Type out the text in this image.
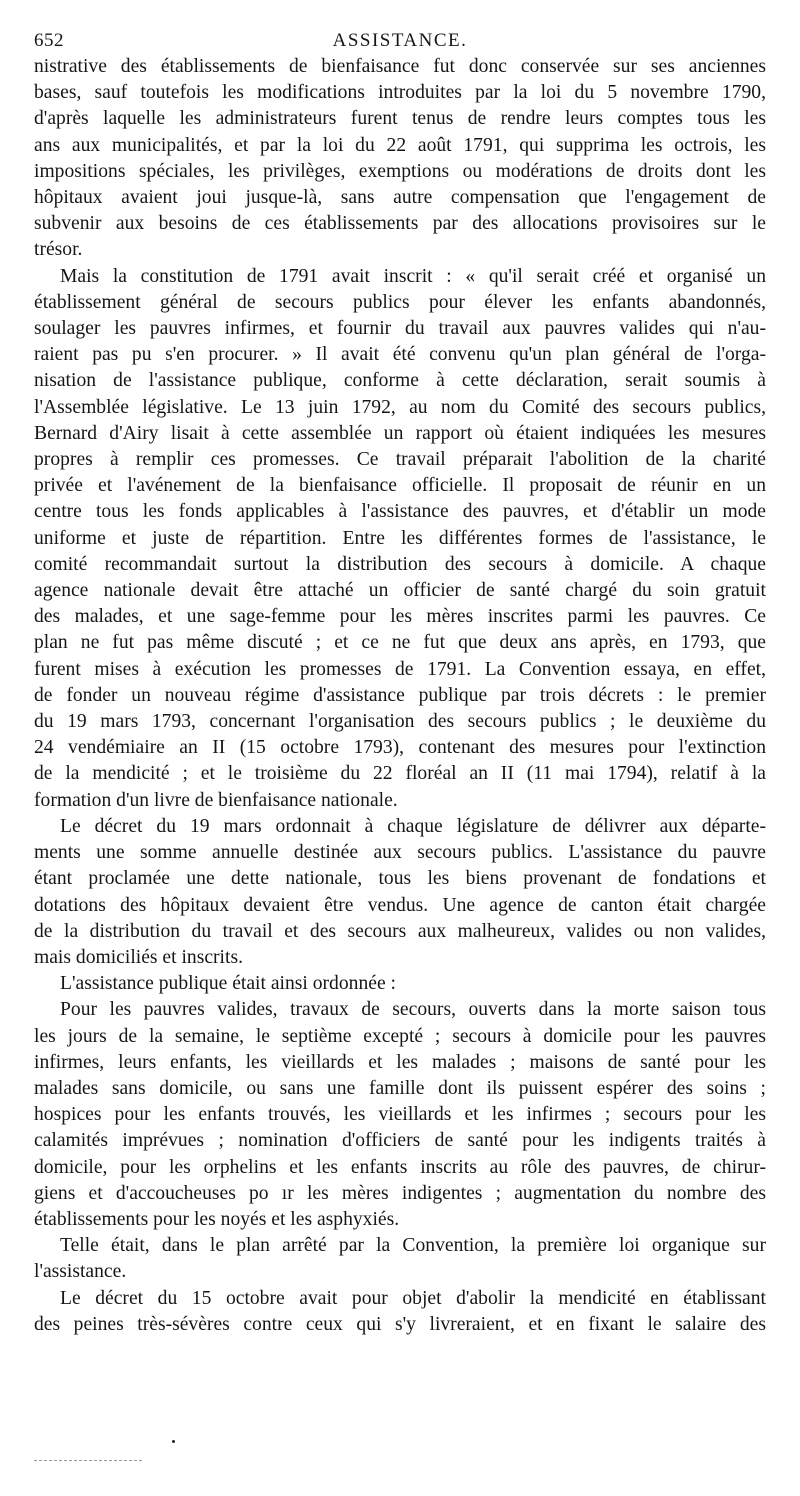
652	ASSISTANCE.
nistrative des établissements de bienfaisance fut donc conservée sur ses anciennes
bases, sauf toutefois les modifications introduites par la loi du 5 novembre 1790,
d'après laquelle les administrateurs furent tenus de rendre leurs comptes tous les
ans aux municipalités, et par la loi du 22 août 1791, qui supprima les octrois, les
impositions spéciales, les privilèges, exemptions ou modérations de droits dont les
hôpitaux avaient joui jusque-là, sans autre compensation que l'engagement de
subvenir aux besoins de ces établissements par des allocations provisoires sur le
trésor.
Mais la constitution de 1791 avait inscrit : « qu'il serait créé et organisé un
établissement général de secours publics pour élever les enfants abandonnés,
soulager les pauvres infirmes, et fournir du travail aux pauvres valides qui n'au-
raient pas pu s'en procurer. » Il avait été convenu qu'un plan général de l'orga-
nisation de l'assistance publique, conforme à cette déclaration, serait soumis à
l'Assemblée législative. Le 13 juin 1792, au nom du Comité des secours publics,
Bernard d'Airy lisait à cette assemblée un rapport où étaient indiquées les mesures
propres à remplir ces promesses. Ce travail préparait l'abolition de la charité
privée et l'avénement de la bienfaisance officielle. Il proposait de réunir en un
centre tous les fonds applicables à l'assistance des pauvres, et d'établir un mode
uniforme et juste de répartition. Entre les différentes formes de l'assistance, le
comité recommandait surtout la distribution des secours à domicile. A chaque
agence nationale devait être attaché un officier de santé chargé du soin gratuit
des malades, et une sage-femme pour les mères inscrites parmi les pauvres. Ce
plan ne fut pas même discuté ; et ce ne fut que deux ans après, en 1793, que
furent mises à exécution les promesses de 1791. La Convention essaya, en effet,
de fonder un nouveau régime d'assistance publique par trois décrets : le premier
du 19 mars 1793, concernant l'organisation des secours publics ; le deuxième du
24 vendémiaire an II (15 octobre 1793), contenant des mesures pour l'extinction
de la mendicité ; et le troisième du 22 floréal an II (11 mai 1794), relatif à la
formation d'un livre de bienfaisance nationale.
Le décret du 19 mars ordonnait à chaque législature de délivrer aux départe-
ments une somme annuelle destinée aux secours publics. L'assistance du pauvre
étant proclamée une dette nationale, tous les biens provenant de fondations et
dotations des hôpitaux devaient être vendus. Une agence de canton était chargée
de la distribution du travail et des secours aux malheureux, valides ou non valides,
mais domiciliés et inscrits.
L'assistance publique était ainsi ordonnée :
Pour les pauvres valides, travaux de secours, ouverts dans la morte saison tous
les jours de la semaine, le septième excepté ; secours à domicile pour les pauvres
infirmes, leurs enfants, les vieillards et les malades ; maisons de santé pour les
malades sans domicile, ou sans une famille dont ils puissent espérer des soins ;
hospices pour les enfants trouvés, les vieillards et les infirmes ; secours pour les
calamités imprévues ; nomination d'officiers de santé pour les indigents traités à
domicile, pour les orphelins et les enfants inscrits au rôle des pauvres, de chirur-
giens et d'accoucheuses po ır les mères indigentes ; augmentation du nombre des
établissements pour les noyés et les asphyxiés.
Telle était, dans le plan arrêté par la Convention, la première loi organique sur
l'assistance.
Le décret du 15 octobre avait pour objet d'abolir la mendicité en établissant
des peines très-sévères contre ceux qui s'y livreraient, et en fixant le salaire des
